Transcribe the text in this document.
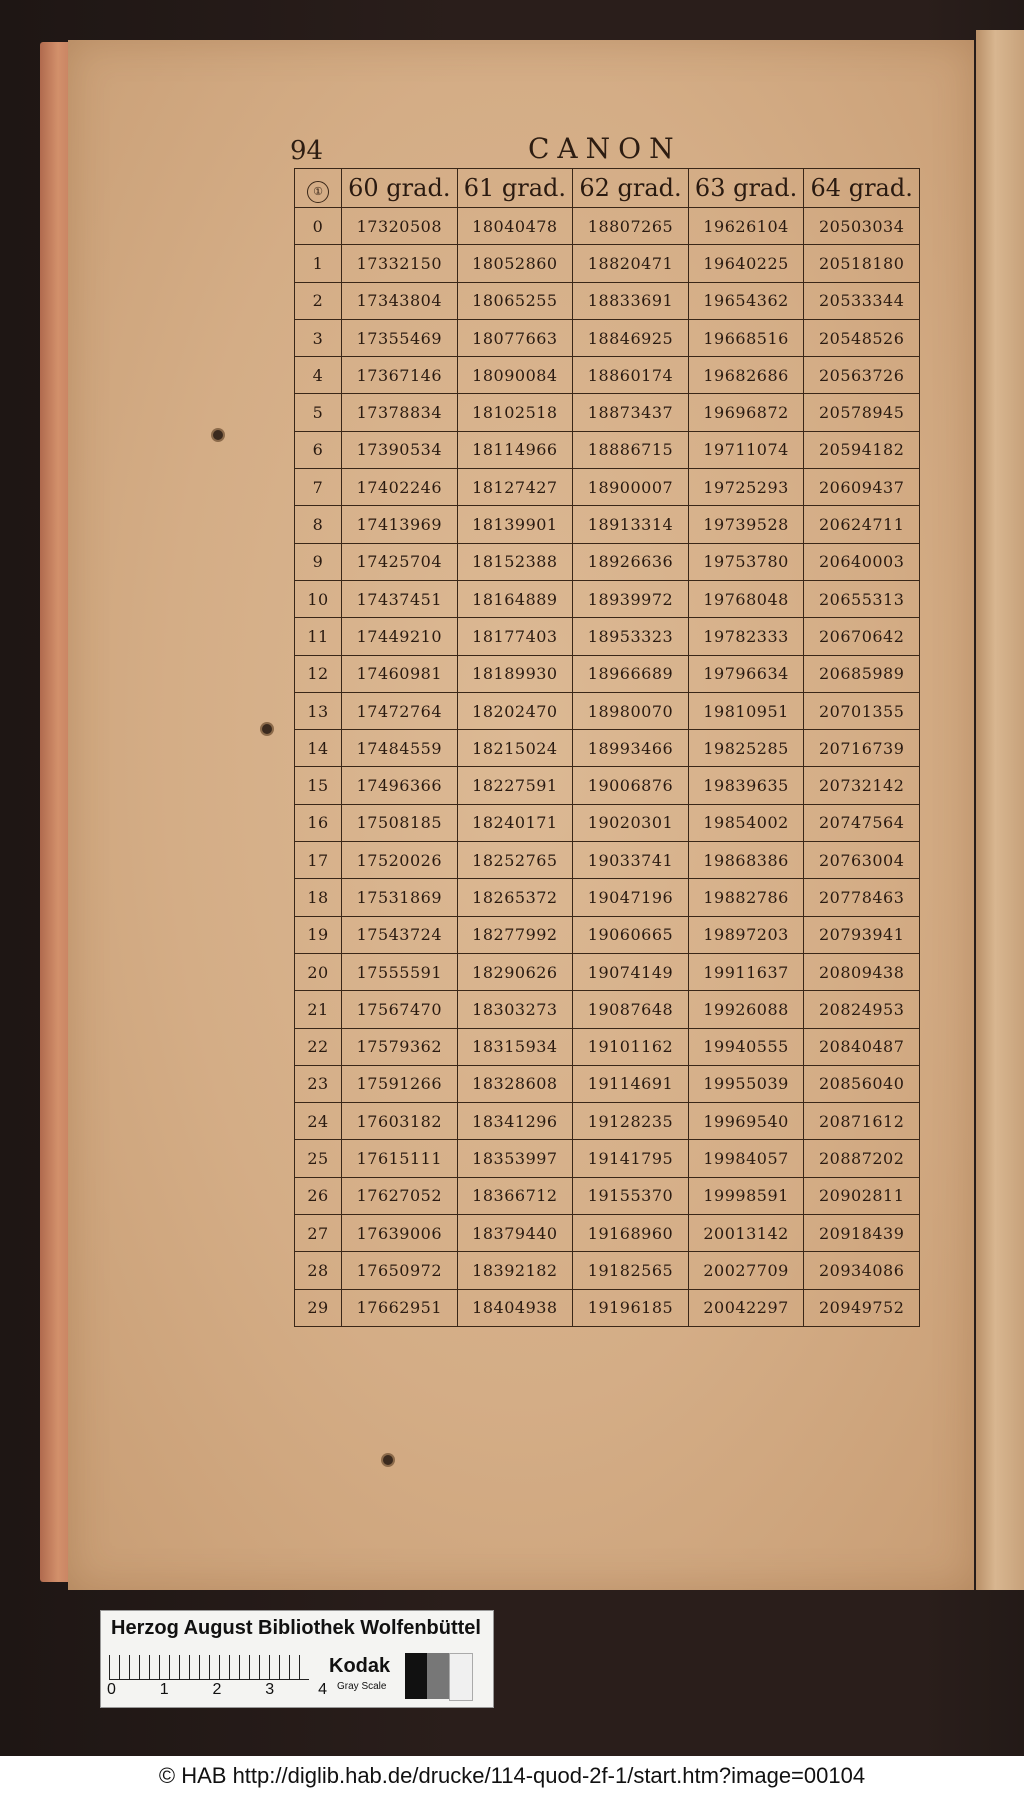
94	CANON
①	60 grad.	61 grad.	62 grad.	63 grad.	64 grad.
0	17320508	18040478	18807265	19626104	20503034
1	17332150	18052860	18820471	19640225	20518180
2	17343804	18065255	18833691	19654362	20533344
3	17355469	18077663	18846925	19668516	20548526
4	17367146	18090084	18860174	19682686	20563726
5	17378834	18102518	18873437	19696872	20578945
6	17390534	18114966	18886715	19711074	20594182
7	17402246	18127427	18900007	19725293	20609437
8	17413969	18139901	18913314	19739528	20624711
9	17425704	18152388	18926636	19753780	20640003
10	17437451	18164889	18939972	19768048	20655313
11	17449210	18177403	18953323	19782333	20670642
12	17460981	18189930	18966689	19796634	20685989
13	17472764	18202470	18980070	19810951	20701355
14	17484559	18215024	18993466	19825285	20716739
15	17496366	18227591	19006876	19839635	20732142
16	17508185	18240171	19020301	19854002	20747564
17	17520026	18252765	19033741	19868386	20763004
18	17531869	18265372	19047196	19882786	20778463
19	17543724	18277992	19060665	19897203	20793941
20	17555591	18290626	19074149	19911637	20809438
21	17567470	18303273	19087648	19926088	20824953
22	17579362	18315934	19101162	19940555	20840487
23	17591266	18328608	19114691	19955039	20856040
24	17603182	18341296	19128235	19969540	20871612
25	17615111	18353997	19141795	19984057	20887202
26	17627052	18366712	19155370	19998591	20902811
27	17639006	18379440	19168960	20013142	20918439
28	17650972	18392182	19182565	20027709	20934086
29	17662951	18404938	19196185	20042297	20949752
Herzog August Bibliothek Wolfenbüttel
0	1	2	3	4
Kodak
Gray Scale
© HAB http://diglib.hab.de/drucke/114-quod-2f-1/start.htm?image=00104
